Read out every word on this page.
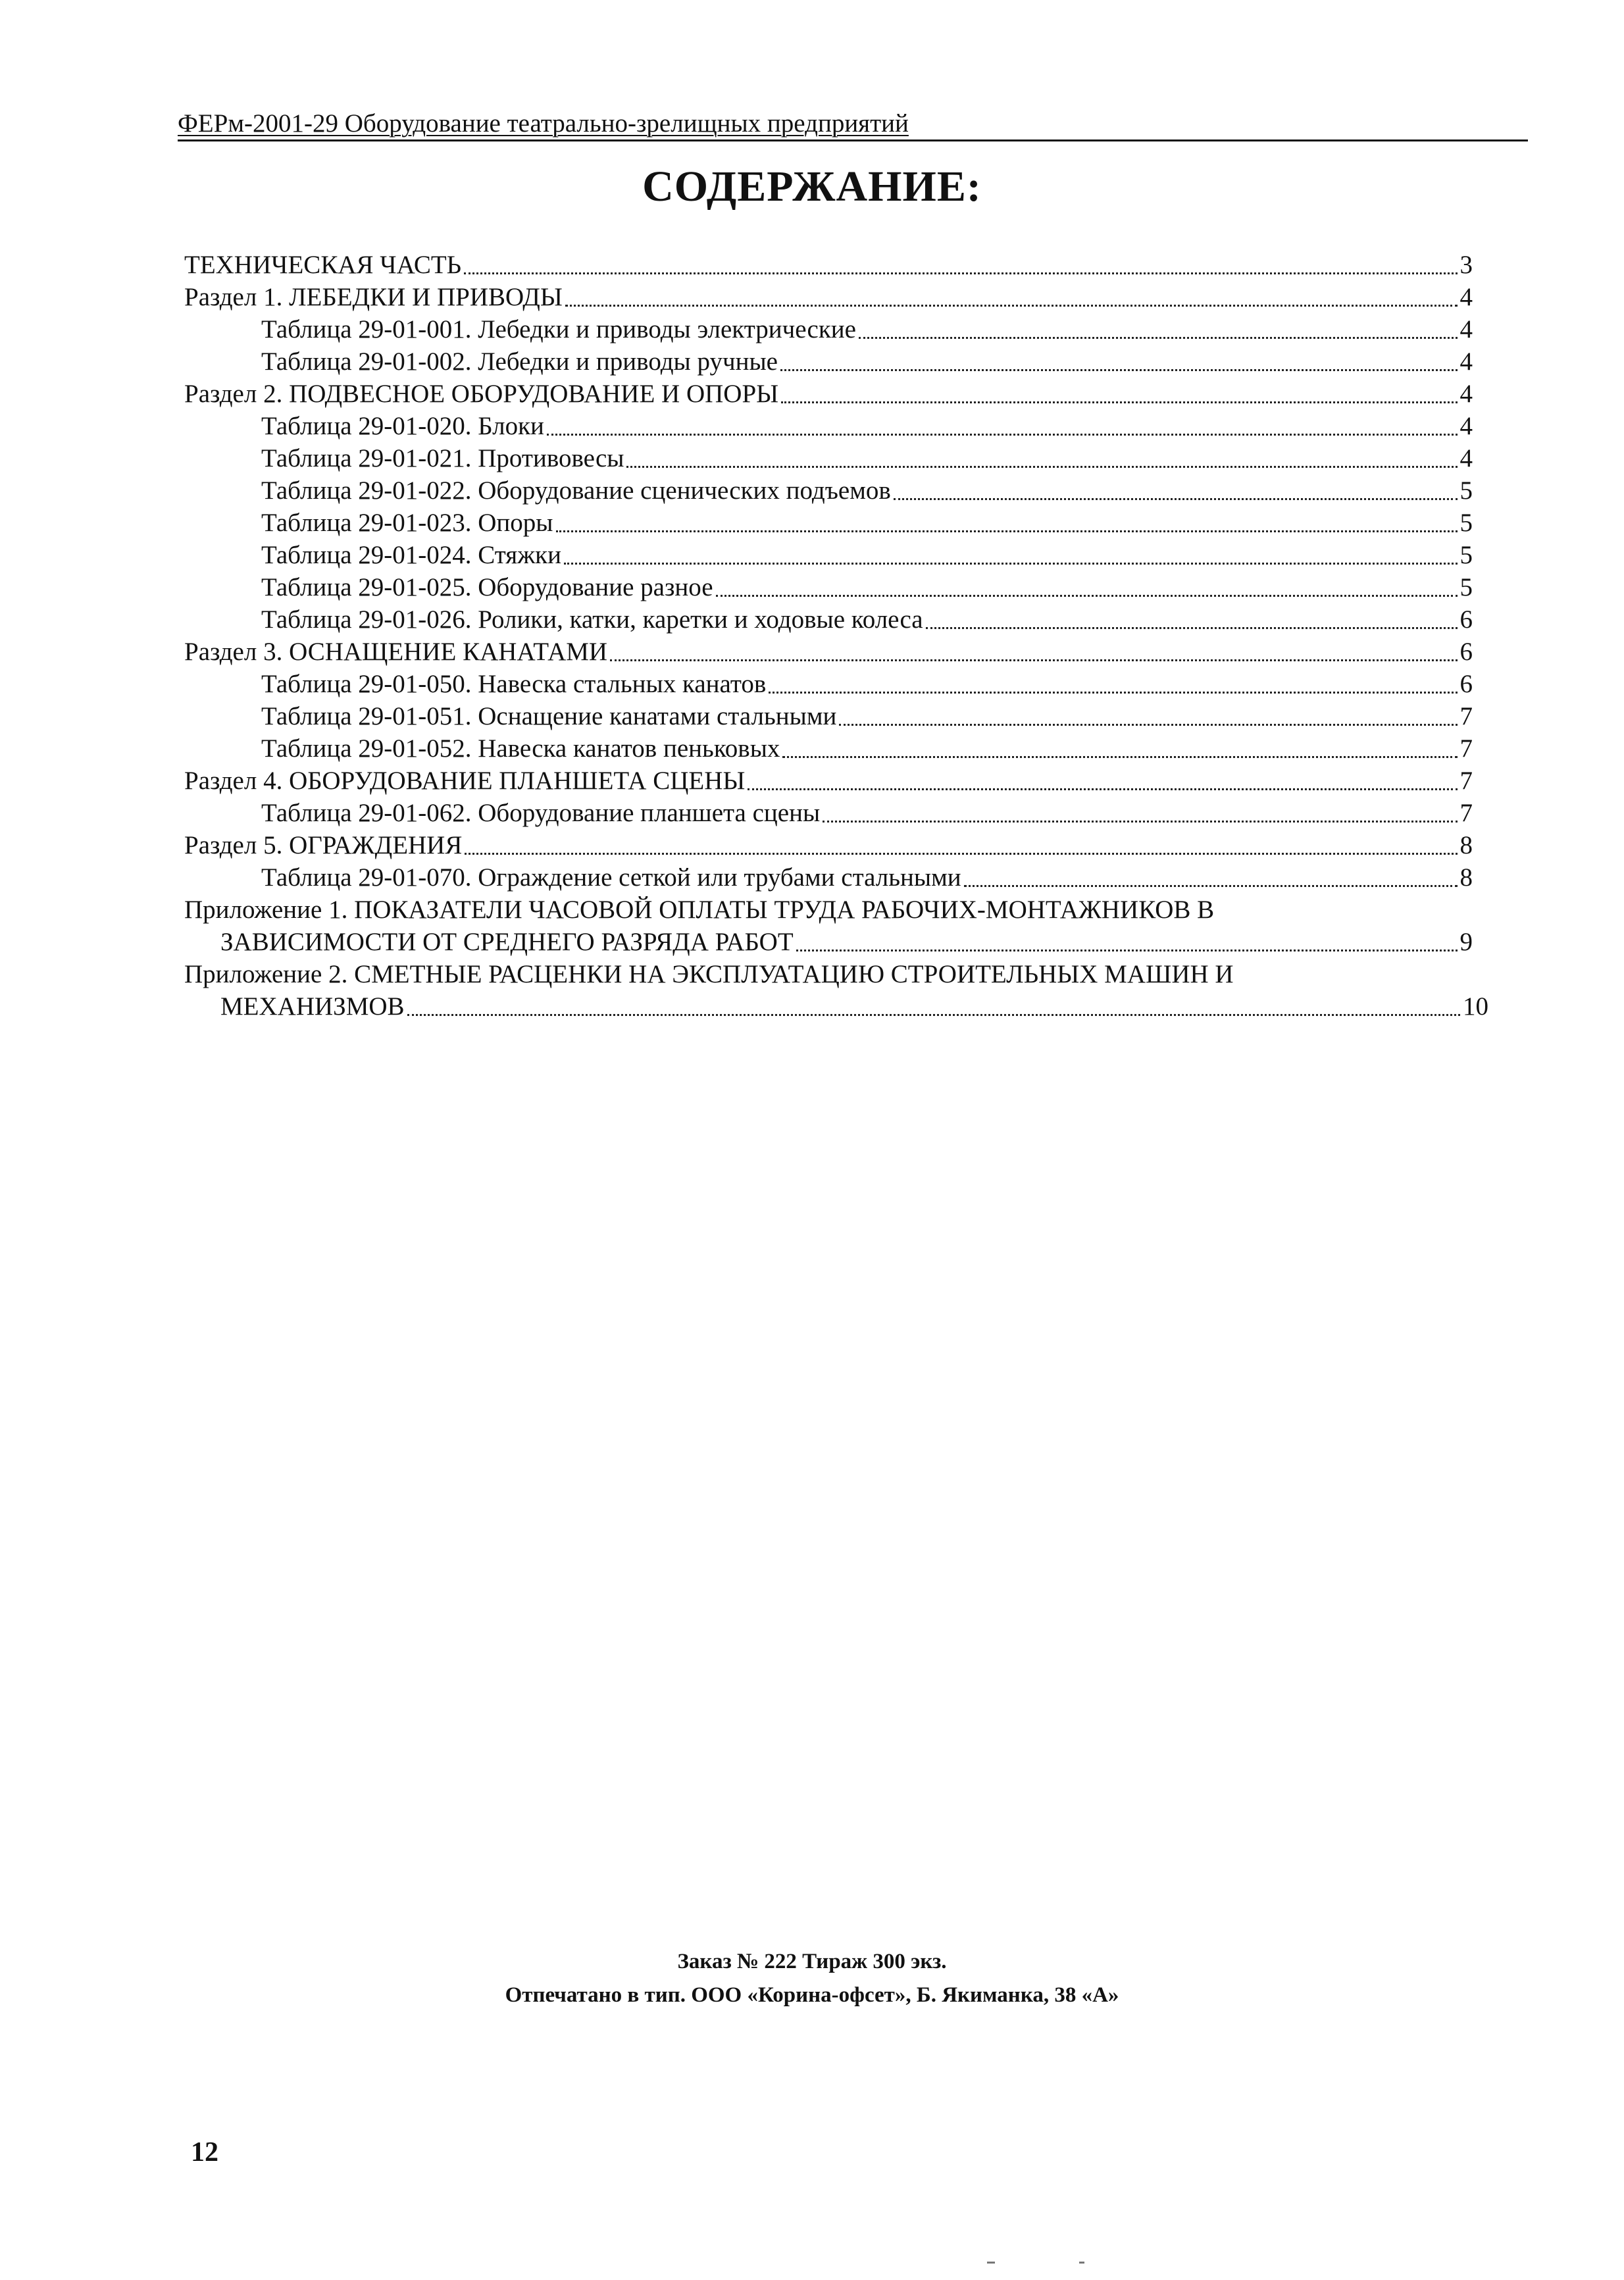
ФЕРм-2001-29 Оборудование театрально-зрелищных предприятий
СОДЕРЖАНИЕ:
ТЕХНИЧЕСКАЯ ЧАСТЬ	3
Раздел 1. ЛЕБЕДКИ И ПРИВОДЫ	4
Таблица 29-01-001. Лебедки и приводы электрические	4
Таблица 29-01-002. Лебедки и приводы ручные	4
Раздел 2. ПОДВЕСНОЕ ОБОРУДОВАНИЕ И ОПОРЫ	4
Таблица 29-01-020. Блоки	4
Таблица 29-01-021. Противовесы	4
Таблица 29-01-022. Оборудование сценических подъемов	5
Таблица 29-01-023. Опоры	5
Таблица 29-01-024. Стяжки	5
Таблица 29-01-025. Оборудование разное	5
Таблица 29-01-026. Ролики, катки, каретки и ходовые колеса	6
Раздел 3. ОСНАЩЕНИЕ КАНАТАМИ	6
Таблица 29-01-050. Навеска стальных канатов	6
Таблица 29-01-051. Оснащение канатами стальными	7
Таблица 29-01-052. Навеска канатов пеньковых	7
Раздел 4. ОБОРУДОВАНИЕ ПЛАНШЕТА СЦЕНЫ	7
Таблица 29-01-062. Оборудование планшета сцены	7
Раздел 5. ОГРАЖДЕНИЯ	8
Таблица 29-01-070. Ограждение сеткой или трубами стальными	8
Приложение 1. ПОКАЗАТЕЛИ ЧАСОВОЙ ОПЛАТЫ ТРУДА РАБОЧИХ-МОНТАЖНИКОВ В
ЗАВИСИМОСТИ ОТ СРЕДНЕГО РАЗРЯДА РАБОТ	9
Приложение 2. СМЕТНЫЕ РАСЦЕНКИ НА ЭКСПЛУАТАЦИЮ СТРОИТЕЛЬНЫХ МАШИН И
МЕХАНИЗМОВ	10
Заказ № 222 Тираж 300 экз.
Отпечатано в тип. ООО «Корина-офсет», Б. Якиманка, 38 «А»
12
